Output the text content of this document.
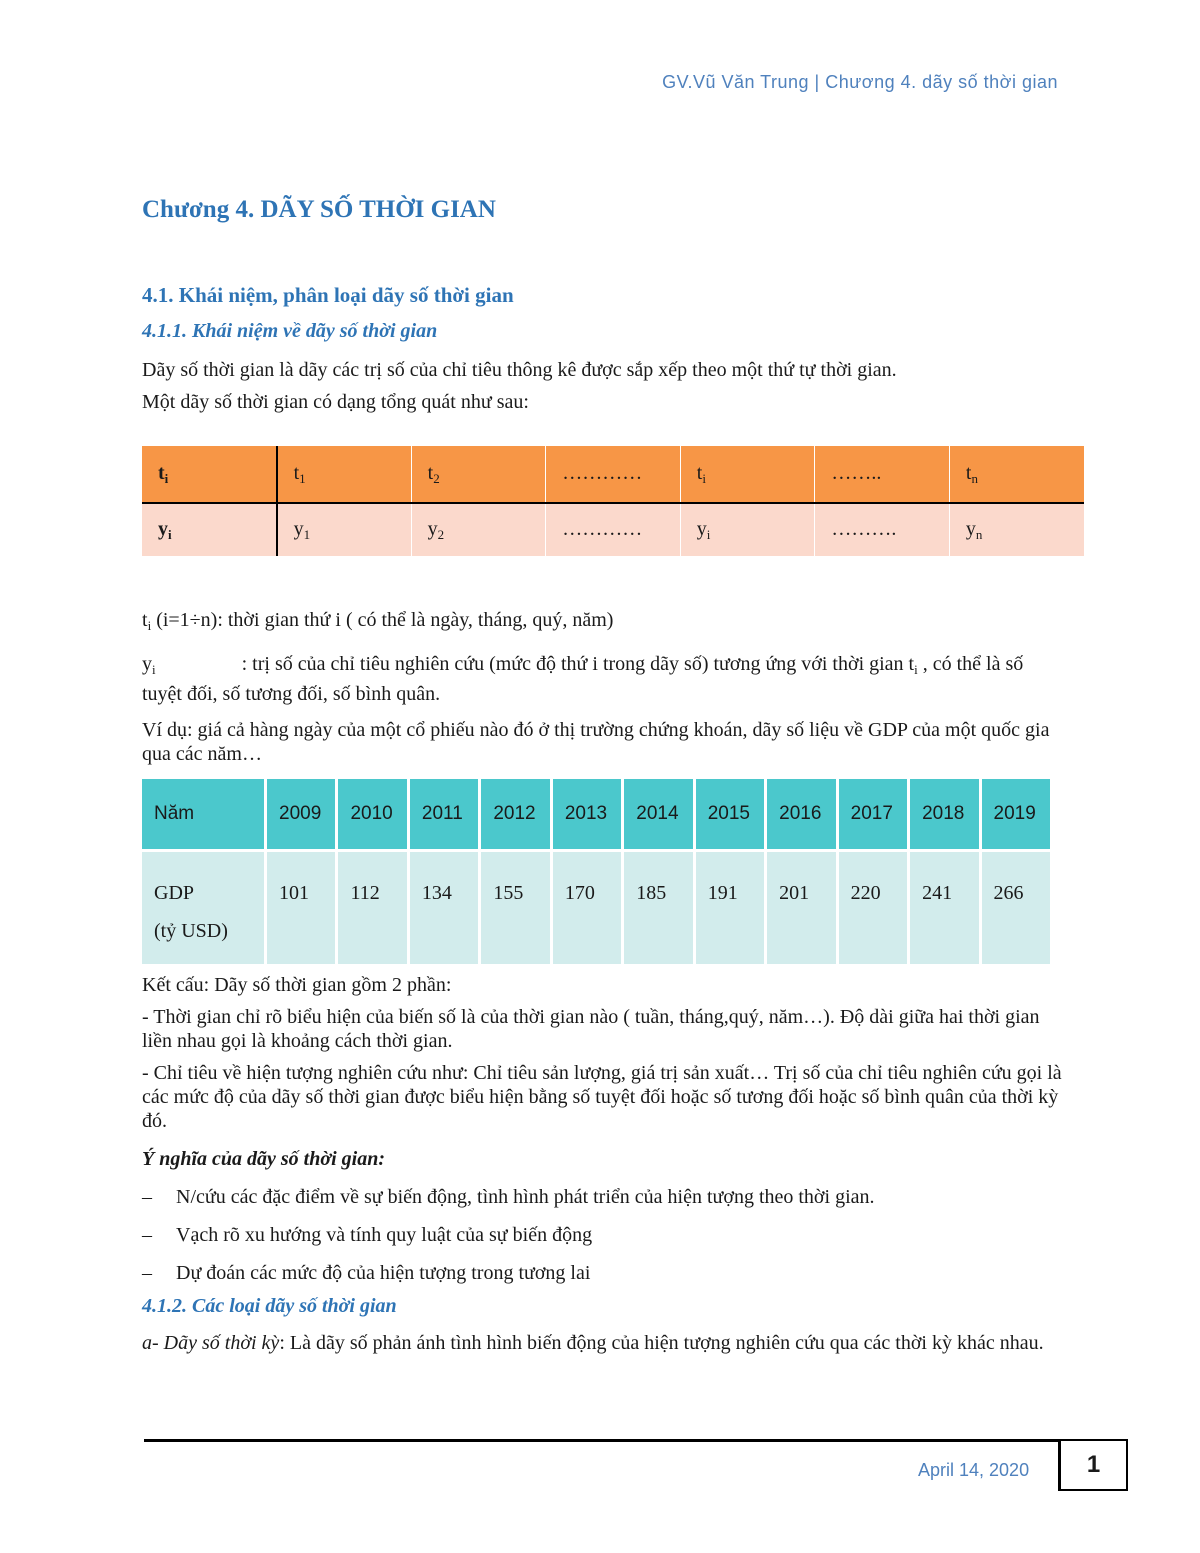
GV.Vũ Văn Trung | Chương 4. dãy số thời gian
Chương 4. DÃY SỐ THỜI GIAN
4.1. Khái niệm, phân loại dãy số thời gian
4.1.1. Khái niệm về dãy số thời gian

Dãy số thời gian là dãy các trị số của chỉ tiêu thông kê được sắp xếp theo một thứ tự thời gian.

Một dãy số thời gian có dạng tổng quát như sau:

$t_i$	$t_1$	$t_2$	…………	$t_i$	……..	$t_n$
$y_i$	$y_1$	$y_2$	…………	$y_i$	……….	$y_n$

$t_i$ (i=1÷n): thời gian thứ i ( có thể là ngày, tháng, quý, năm)

$y_i$	: trị số của chỉ tiêu nghiên cứu (mức độ thứ i trong dãy số) tương ứng với thời gian $t_i$ , có thể là số tuyệt đối, số tương đối, số bình quân.

Ví dụ: giá cả hàng ngày của một cổ phiếu nào đó ở thị trường chứng khoán, dãy số liệu về GDP của một quốc gia qua các năm…

Năm	2009	2010	2011	2012	2013	2014	2015	2016	2017	2018	2019
GDP
(tỷ USD)	101	112	134	155	170	185	191	201	220	241	266

Kết cấu: Dãy số thời gian gồm 2 phần:

- Thời gian chỉ rõ biểu hiện của biến số là của thời gian nào ( tuần, tháng,quý, năm…). Độ dài giữa hai thời gian liền nhau gọi là khoảng cách thời gian.

- Chỉ tiêu về hiện tượng nghiên cứu như: Chỉ tiêu sản lượng, giá trị sản xuất… Trị số của chỉ tiêu nghiên cứu gọi là các mức độ của dãy số thời gian được biểu hiện bằng số tuyệt đối hoặc số tương đối hoặc số bình quân của thời kỳ đó.

Ý nghĩa của dãy số thời gian:

–	N/cứu các đặc điểm về sự biến động, tình hình phát triển của hiện tượng theo thời gian.
–	Vạch rõ xu hướng và tính quy luật của sự biến động
–	Dự đoán các mức độ của hiện tượng trong tương lai
4.1.2. Các loại dãy số thời gian

a- Dãy số thời kỳ: Là dãy số phản ánh tình hình biến động của hiện tượng nghiên cứu qua các thời kỳ khác nhau.

April 14, 2020	1
